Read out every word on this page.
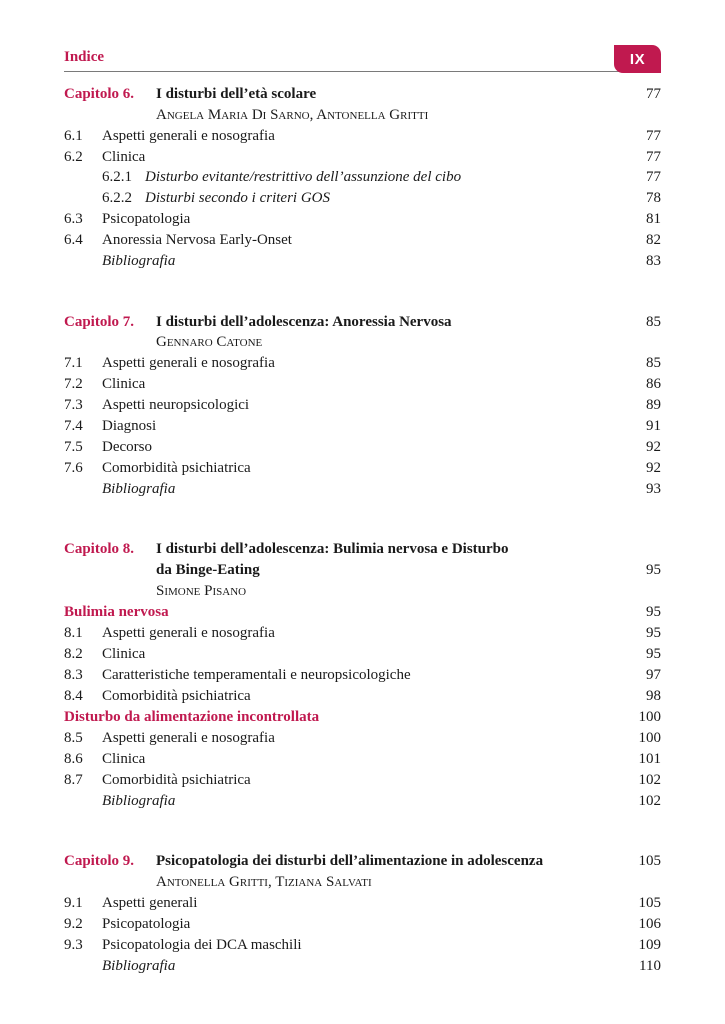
Indice	IX
Capitolo 6. I disturbi dell’età scolare	77
Angela Maria Di Sarno, Antonella Gritti
6.1 Aspetti generali e nosografia	77
6.2 Clinica	77
6.2.1 Disturbo evitante/restrittivo dell’assunzione del cibo	77
6.2.2 Disturbi secondo i criteri GOS	78
6.3 Psicopatologia	81
6.4 Anoressia Nervosa Early-Onset	82
Bibliografia	83
Capitolo 7. I disturbi dell’adolescenza: Anoressia Nervosa	85
Gennaro Catone
7.1 Aspetti generali e nosografia	85
7.2 Clinica	86
7.3 Aspetti neuropsicologici	89
7.4 Diagnosi	91
7.5 Decorso	92
7.6 Comorbidità psichiatrica	92
Bibliografia	93
Capitolo 8. I disturbi dell’adolescenza: Bulimia nervosa e Disturbo
da Binge-Eating	95
Simone Pisano
Bulimia nervosa	95
8.1 Aspetti generali e nosografia	95
8.2 Clinica	95
8.3 Caratteristiche temperamentali e neuropsicologiche	97
8.4 Comorbidità psichiatrica	98
Disturbo da alimentazione incontrollata	100
8.5 Aspetti generali e nosografia	100
8.6 Clinica	101
8.7 Comorbidità psichiatrica	102
Bibliografia	102
Capitolo 9. Psicopatologia dei disturbi dell’alimentazione in adolescenza	105
Antonella Gritti, Tiziana Salvati
9.1 Aspetti generali	105
9.2 Psicopatologia	106
9.3 Psicopatologia dei DCA maschili	109
Bibliografia	110
